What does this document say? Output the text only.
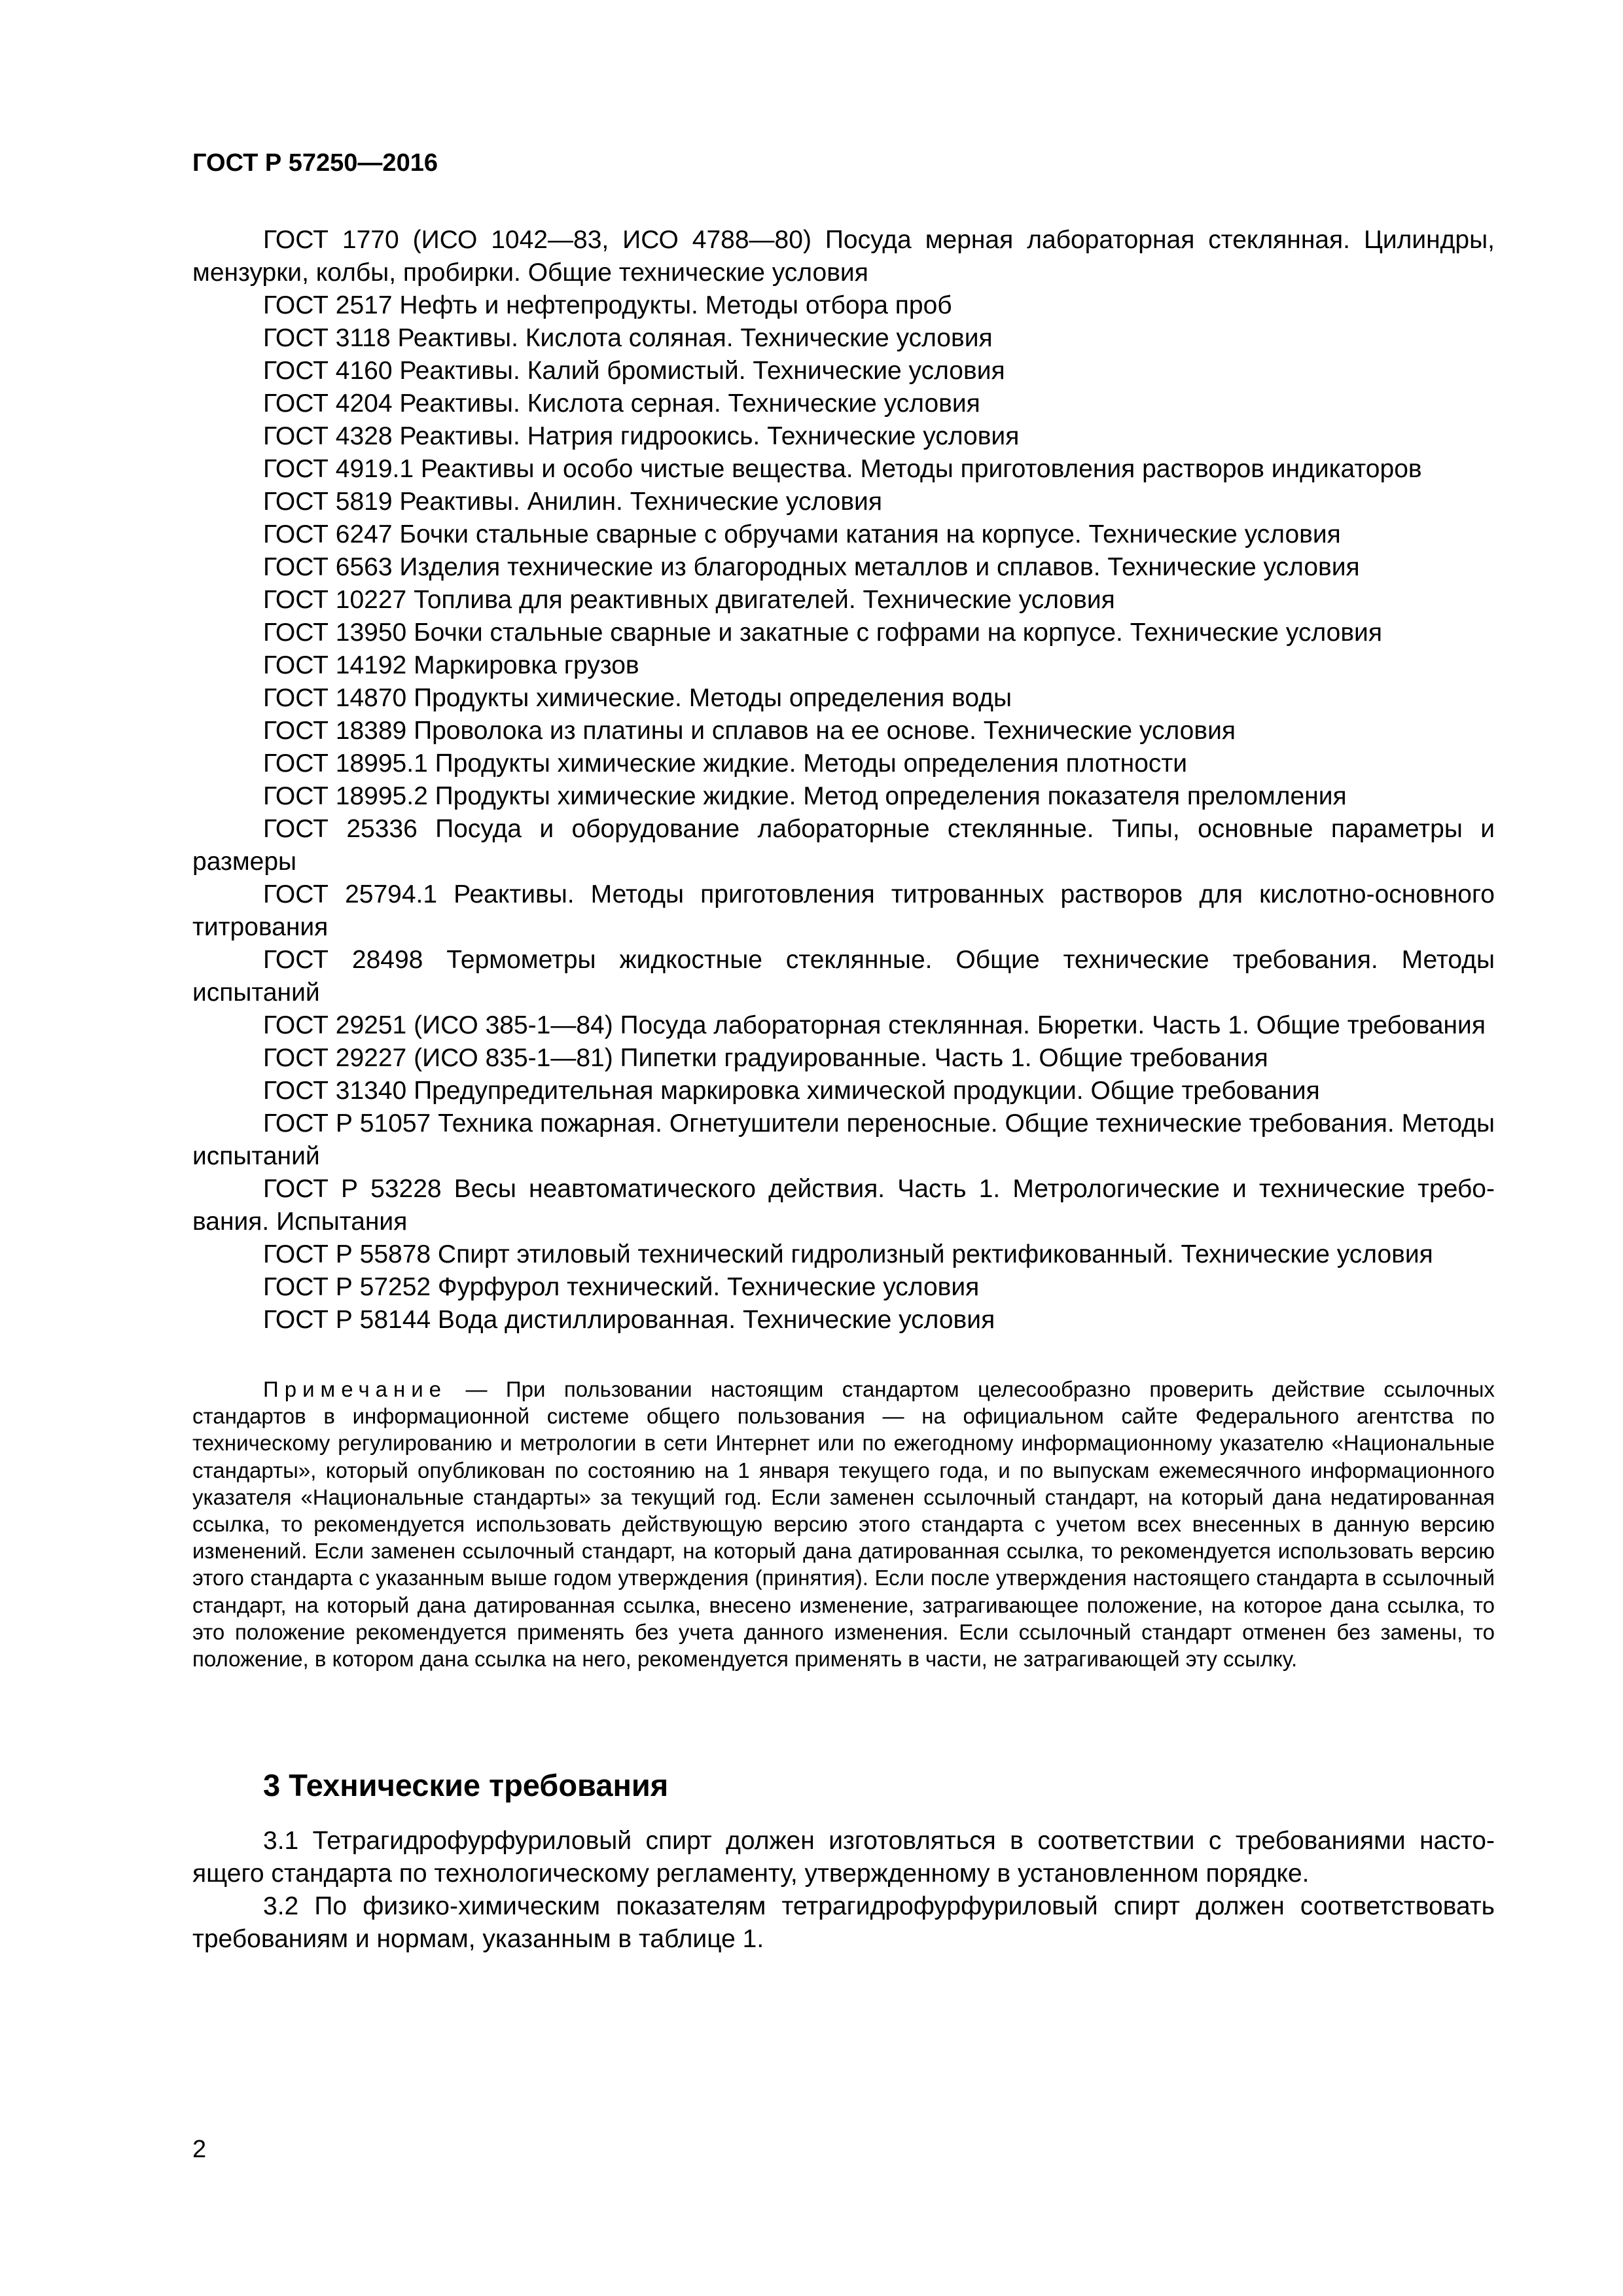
ГОСТ Р 57250—2016

ГОСТ 1770 (ИСО 1042—83, ИСО 4788—80) Посуда мерная лабораторная стеклянная. Цилиндры, мензурки, колбы, пробирки. Общие технические условия

ГОСТ 2517 Нефть и нефтепродукты. Методы отбора проб

ГОСТ 3118 Реактивы. Кислота соляная. Технические условия

ГОСТ 4160 Реактивы. Калий бромистый. Технические условия

ГОСТ 4204 Реактивы. Кислота серная. Технические условия

ГОСТ 4328 Реактивы. Натрия гидроокись. Технические условия

ГОСТ 4919.1 Реактивы и особо чистые вещества. Методы приготовления растворов индикаторов

ГОСТ 5819 Реактивы. Анилин. Технические условия

ГОСТ 6247 Бочки стальные сварные с обручами катания на корпусе. Технические условия

ГОСТ 6563 Изделия технические из благородных металлов и сплавов. Технические условия

ГОСТ 10227 Топлива для реактивных двигателей. Технические условия

ГОСТ 13950 Бочки стальные сварные и закатные с гофрами на корпусе. Технические условия

ГОСТ 14192 Маркировка грузов

ГОСТ 14870 Продукты химические. Методы определения воды

ГОСТ 18389 Проволока из платины и сплавов на ее основе. Технические условия

ГОСТ 18995.1 Продукты химические жидкие. Методы определения плотности

ГОСТ 18995.2 Продукты химические жидкие. Метод определения показателя преломления

ГОСТ 25336 Посуда и оборудование лабораторные стеклянные. Типы, основные параметры и размеры

ГОСТ 25794.1 Реактивы. Методы приготовления титрованных растворов для кислотно-основного титрования

ГОСТ 28498 Термометры жидкостные стеклянные. Общие технические требования. Методы испытаний

ГОСТ 29251 (ИСО 385-1—84) Посуда лабораторная стеклянная. Бюретки. Часть 1. Общие требования

ГОСТ 29227 (ИСО 835-1—81) Пипетки градуированные. Часть 1. Общие требования

ГОСТ 31340 Предупредительная маркировка химической продукции. Общие требования

ГОСТ Р 51057 Техника пожарная. Огнетушители переносные. Общие технические требования. Методы испытаний

ГОСТ Р 53228 Весы неавтоматического действия. Часть 1. Метрологические и технические требования. Испытания

ГОСТ Р 55878 Спирт этиловый технический гидролизный ректификованный. Технические условия

ГОСТ Р 57252 Фурфурол технический. Технические условия

ГОСТ Р 58144 Вода дистиллированная. Технические условия

Примечание — При пользовании настоящим стандартом целесообразно проверить действие ссылочных стандартов в информационной системе общего пользования — на официальном сайте Федерального агентства по техническому регулированию и метрологии в сети Интернет или по ежегодному информационному указателю «Национальные стандарты», который опубликован по состоянию на 1 января текущего года, и по выпускам ежемесячного информационного указателя «Национальные стандарты» за текущий год. Если заменен ссылочный стандарт, на который дана недатированная ссылка, то рекомендуется использовать действующую версию этого стандарта с учетом всех внесенных в данную версию изменений. Если заменен ссылочный стандарт, на который дана датированная ссылка, то рекомендуется использовать версию этого стандарта с указанным выше годом утверждения (принятия). Если после утверждения настоящего стандарта в ссылочный стандарт, на который дана датированная ссылка, внесено изменение, затрагивающее положение, на которое дана ссылка, то это положение рекомендуется применять без учета данного изменения. Если ссылочный стандарт отменен без замены, то положение, в котором дана ссылка на него, рекомендуется применять в части, не затрагивающей эту ссылку.

3 Технические требования

3.1 Тетрагидрофурфуриловый спирт должен изготовляться в соответствии с требованиями настоящего стандарта по технологическому регламенту, утвержденному в установленном порядке.

3.2 По физико-химическим показателям тетрагидрофурфуриловый спирт должен соответствовать требованиям и нормам, указанным в таблице 1.

2
